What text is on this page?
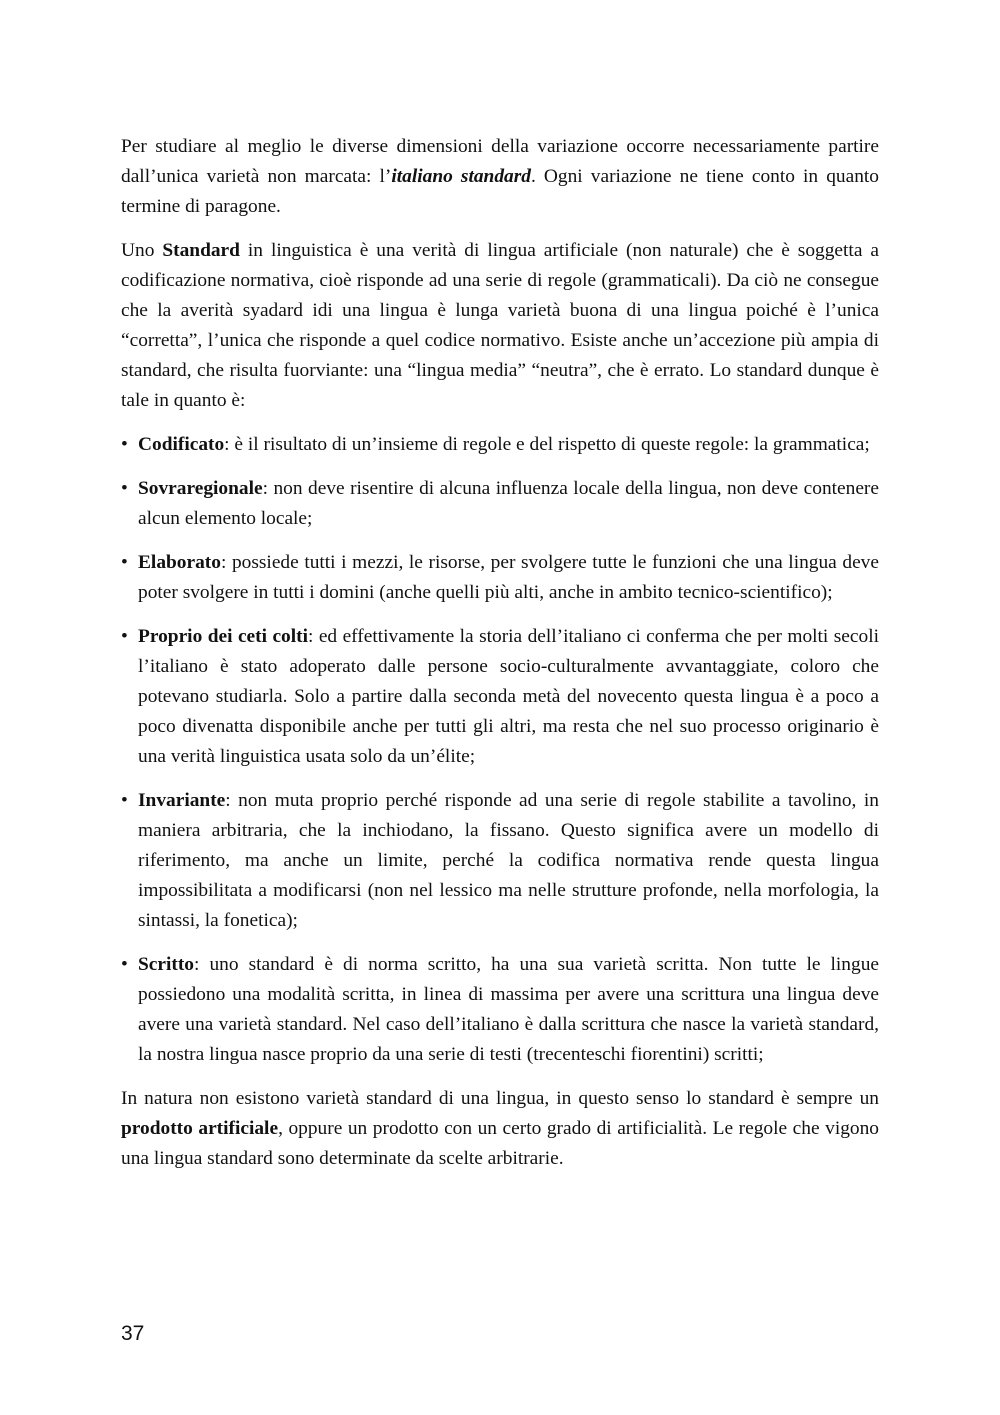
Per studiare al meglio le diverse dimensioni della variazione occorre necessariamente partire dall’unica varietà non marcata: l’italiano standard. Ogni variazione ne tiene conto in quanto termine di paragone.

Uno Standard in linguistica è una verità di lingua artificiale (non naturale) che è soggetta a codificazione normativa, cioè risponde ad una serie di regole (grammaticali). Da ciò ne consegue che la averità syadard idi una lingua è lunga varietà buona di una lingua poiché è l’unica “corretta”, l’unica che risponde a quel codice normativo. Esiste anche un’accezione più ampia di standard, che risulta fuorviante: una “lingua media” “neutra”, che è errato. Lo standard dunque è tale in quanto è:

• Codificato: è il risultato di un’insieme di regole e del rispetto di queste regole: la grammatica;
• Sovraregionale: non deve risentire di alcuna influenza locale della lingua, non deve contenere alcun elemento locale;
• Elaborato: possiede tutti i mezzi, le risorse, per svolgere tutte le funzioni che una lingua deve poter svolgere in tutti i domini (anche quelli più alti, anche in ambito tecnico-scientifico);
• Proprio dei ceti colti: ed effettivamente la storia dell’italiano ci conferma che per molti secoli l’italiano è stato adoperato dalle persone socio-culturalmente avvantaggiate, coloro che potevano studiarla. Solo a partire dalla seconda metà del novecento questa lingua è a poco a poco divenatta disponibile anche per tutti gli altri, ma resta che nel suo processo originario è una verità linguistica usata solo da un’élite;
• Invariante: non muta proprio perché risponde ad una serie di regole stabilite a tavolino, in maniera arbitraria, che la inchiodano, la fissano. Questo significa avere un modello di riferimento, ma anche un limite, perché la codifica normativa rende questa lingua impossibilitata a modificarsi (non nel lessico ma nelle strutture profonde, nella morfologia, la sintassi, la fonetica);
• Scritto: uno standard è di norma scritto, ha una sua varietà scritta. Non tutte le lingue possiedono una modalità scritta, in linea di massima per avere una scrittura una lingua deve avere una varietà standard. Nel caso dell’italiano è dalla scrittura che nasce la varietà standard, la nostra lingua nasce proprio da una serie di testi (trecenteschi fiorentini) scritti;

In natura non esistono varietà standard di una lingua, in questo senso lo standard è sempre un prodotto artificiale, oppure un prodotto con un certo grado di artificialità. Le regole che vigono una lingua standard sono determinate da scelte arbitrarie.

37
